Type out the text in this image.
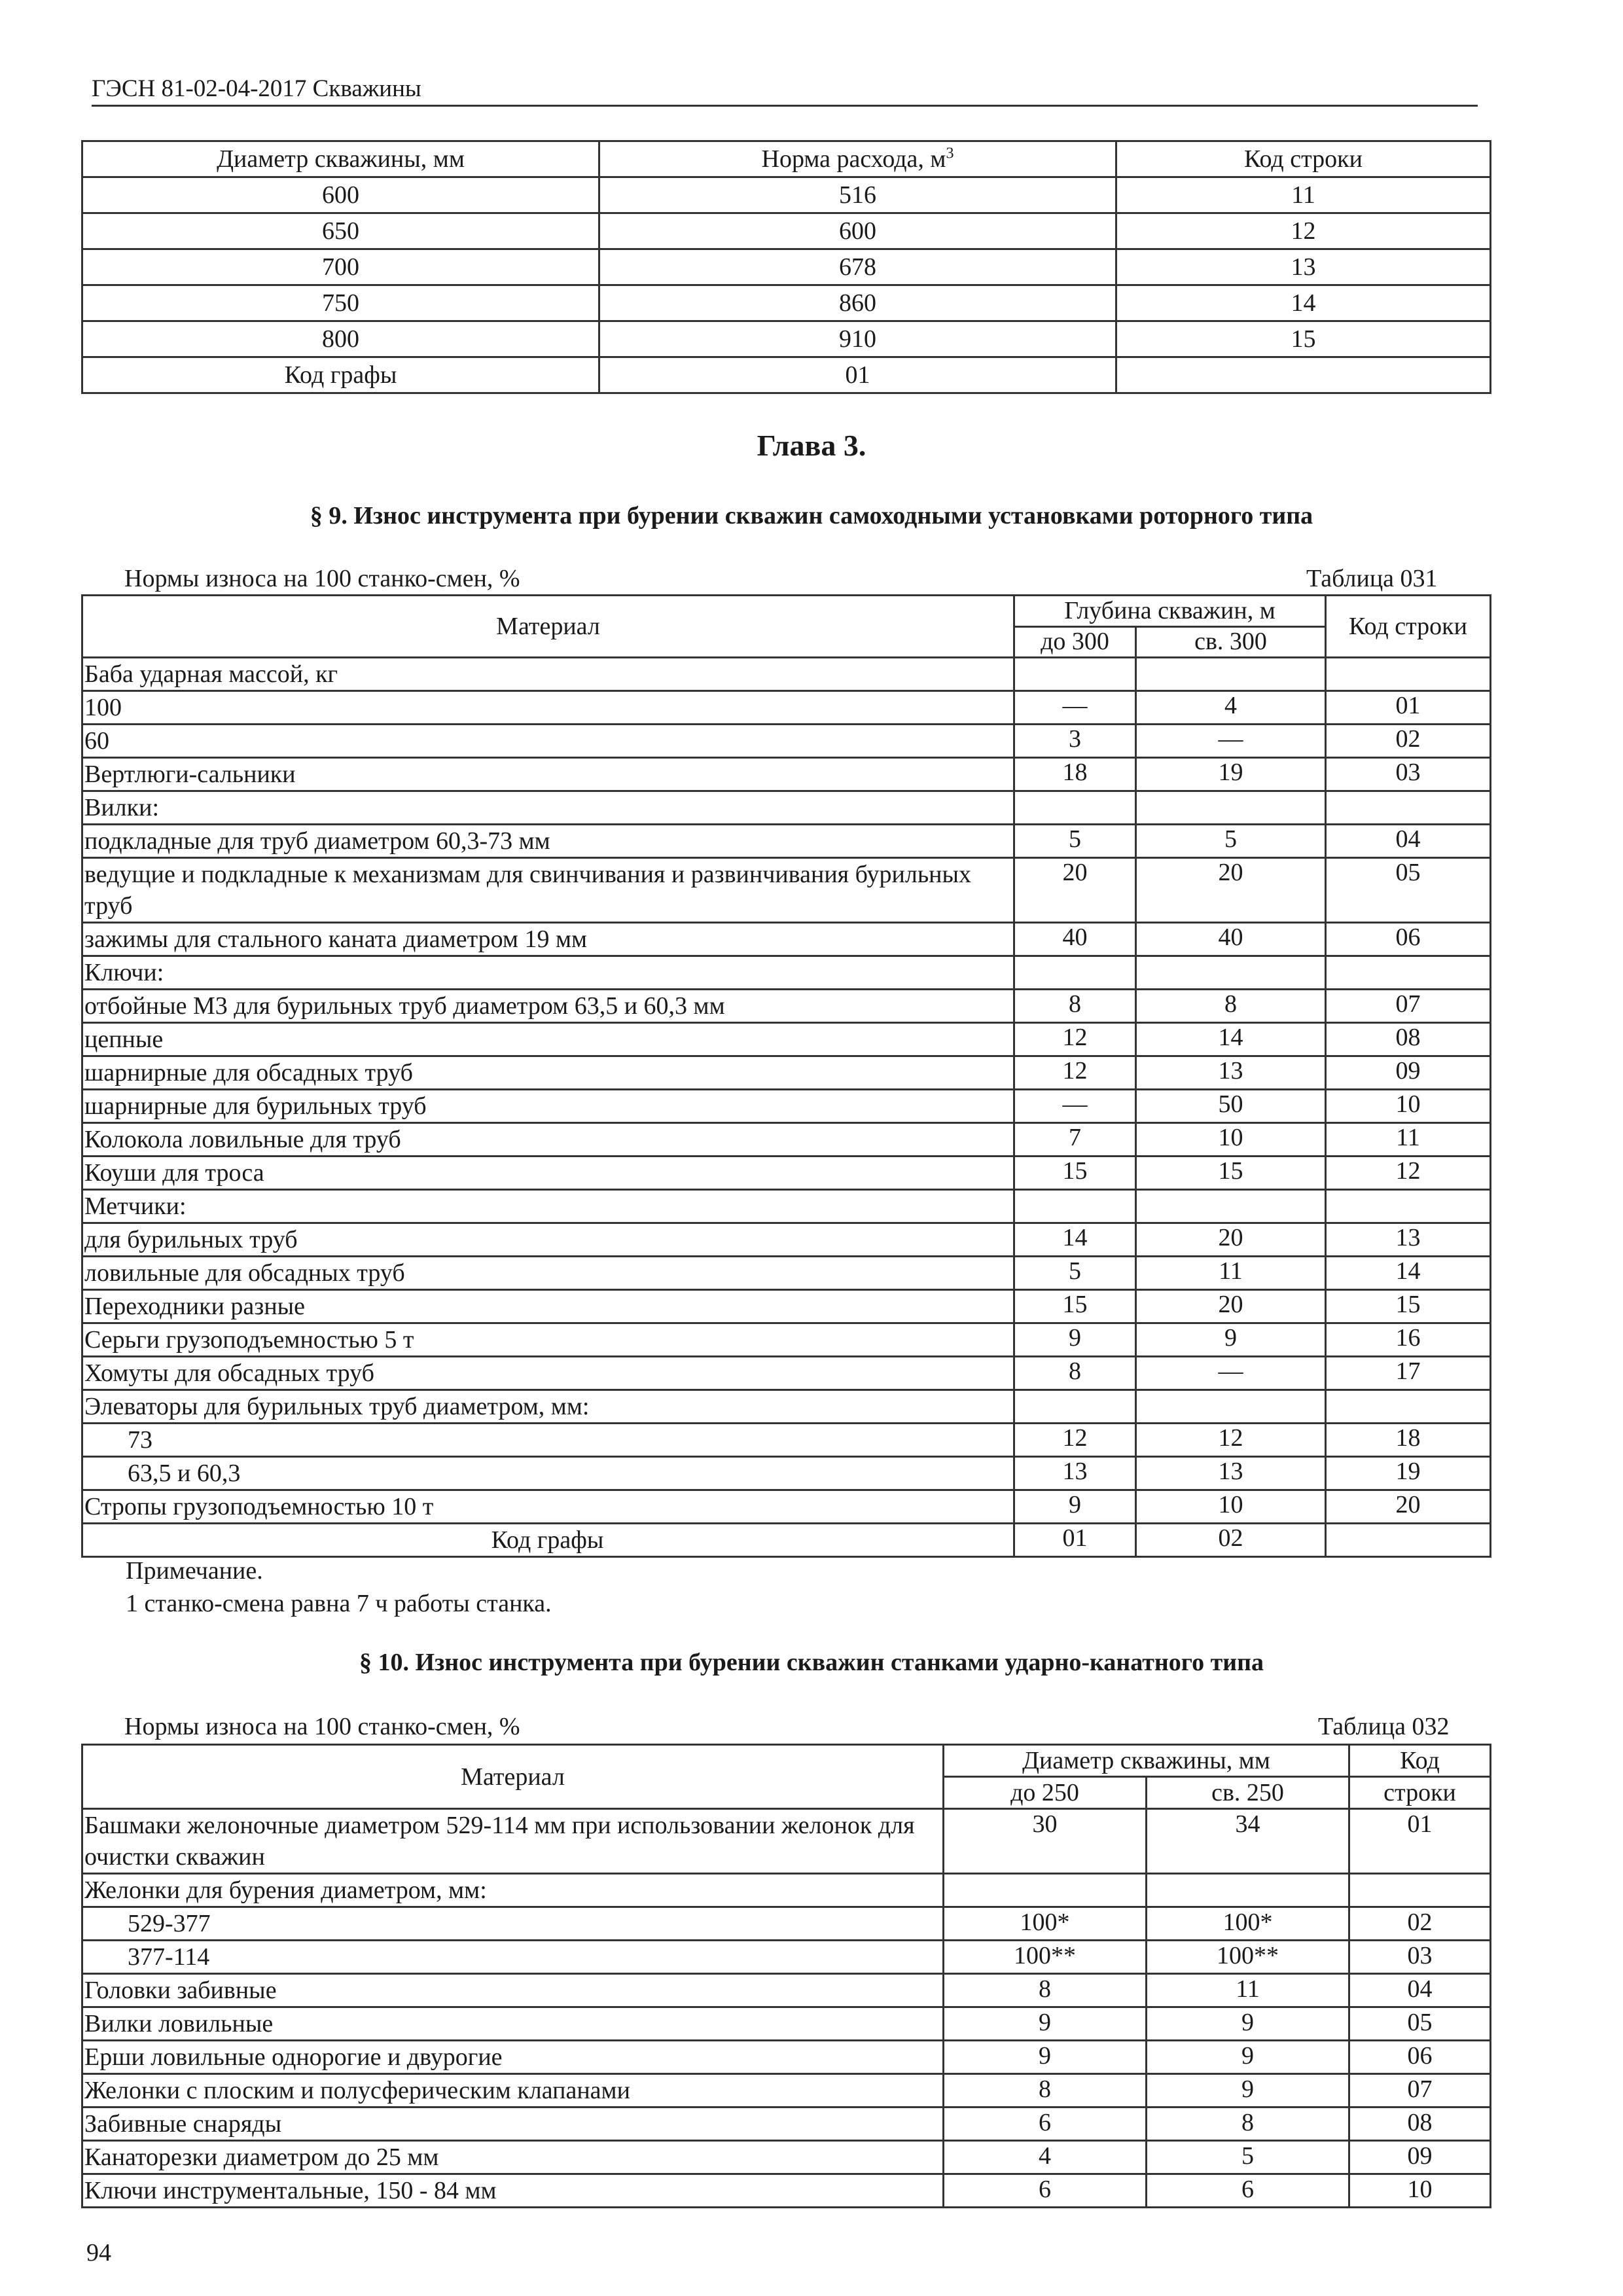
ГЭСН 81-02-04-2017 Скважины
Диаметр скважины, мм	Норма расхода, $м^3$	Код строки
600	516	11
650	600	12
700	678	13
750	860	14
800	910	15
Код графы	01	
Глава 3.
§ 9. Износ инструмента при бурении скважин самоходными установками роторного типа
Нормы износа на 100 станко-смен, %	Таблица 031
Материал	Глубина скважин, м		Код строки
	до 300	св. 300	
Баба ударная массой, кг			
100	—	4	01
60	3	—	02
Вертлюги-сальники	18	19	03
Вилки:			
подкладные для труб диаметром 60,3-73 мм	5	5	04
ведущие и подкладные к механизмам для свинчивания и развинчивания бурильных труб	20	20	05
зажимы для стального каната диаметром 19 мм	40	40	06
Ключи:			
отбойные М3 для бурильных труб диаметром 63,5 и 60,3 мм	8	8	07
цепные	12	14	08
шарнирные для обсадных труб	12	13	09
шарнирные для бурильных труб	—	50	10
Колокола ловильные для труб	7	10	11
Коуши для троса	15	15	12
Метчики:			
для бурильных труб	14	20	13
ловильные для обсадных труб	5	11	14
Переходники разные	15	20	15
Серьги грузоподъемностью 5 т	9	9	16
Хомуты для обсадных труб	8	—	17
Элеваторы для бурильных труб диаметром, мм:			
73	12	12	18
63,5 и 60,3	13	13	19
Стропы грузоподъемностью 10 т	9	10	20
Код графы	01	02	
Примечание.
1 станко-смена равна 7 ч работы станка.
§ 10. Износ инструмента при бурении скважин станками ударно-канатного типа
Нормы износа на 100 станко-смен, %	Таблица 032
Материал	Диаметр скважины, мм		Код
	до 250	св. 250	строки
Башмаки желоночные диаметром 529-114 мм при использовании желонок для очистки скважин	30	34	01
Желонки для бурения диаметром, мм:			
529-377	100*	100*	02
377-114	100**	100**	03
Головки забивные	8	11	04
Вилки ловильные	9	9	05
Ерши ловильные однорогие и двурогие	9	9	06
Желонки с плоским и полусферическим клапанами	8	9	07
Забивные снаряды	6	8	08
Канаторезки диаметром до 25 мм	4	5	09
Ключи инструментальные, 150 - 84 мм	6	6	10
94
